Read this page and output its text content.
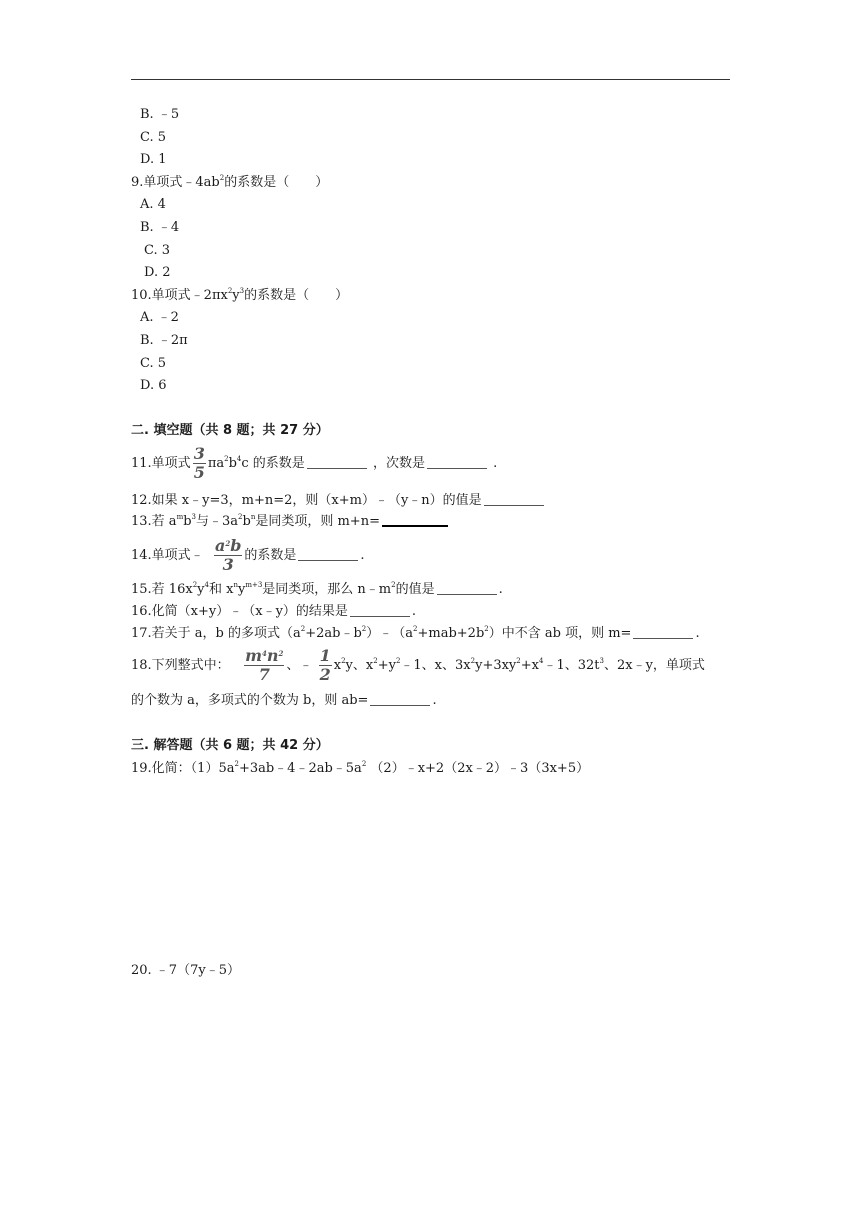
B. ﹣5
C. 5
D. 1
9.单项式$﹣4ab^2$的系数是（　　）
A. 4
B. ﹣4
C. 3
D. 2
10.单项式$﹣2\pi x^2y^3$的系数是（　　）
A. ﹣2
B. ﹣2π
C. 5
D. 6
二. 填空题（共 8 题；共 27 分）
11.单项式 $\frac{3}{5} \pi a^2b^4c$ 的系数是	，次数是	.
12.如果 x﹣y=3，m+n=2，则（x+m）﹣（y﹣n）的值是
13.若 $a^mb^3$与$﹣3a^2b^n$是同类项，则 m+n=
14.单项式﹣ $\frac{a^2b}{3}$ 的系数是	.
15.若 $16x^2y^4$和 $x^ny^{m+3}$是同类项，那么 $n﹣m^2$的值是	.
16.化简（x+y）﹣（x﹣y）的结果是	.
17.若关于 a，b 的多项式$(a^2+2ab﹣b^2)﹣(a^2+mab+2b^2)$中不含 ab 项，则 m=	.
18.下列整式中： $\frac{m^4n^2}{7}$ 、﹣ $\frac{1}{2} x^2y$、$x^2+y^2﹣1$、x、$3x^2y+3xy^2+x^4﹣1$、$32t^3$、2x﹣y，单项式
的个数为 a，多项式的个数为 b，则 ab=	.
三. 解答题（共 6 题；共 42 分）
19.化简：$(1)5a^2+3ab﹣4﹣2ab﹣5a^2$ （2）﹣x+2（2x﹣2）﹣3（3x+5）
20. ﹣7（7y﹣5）
